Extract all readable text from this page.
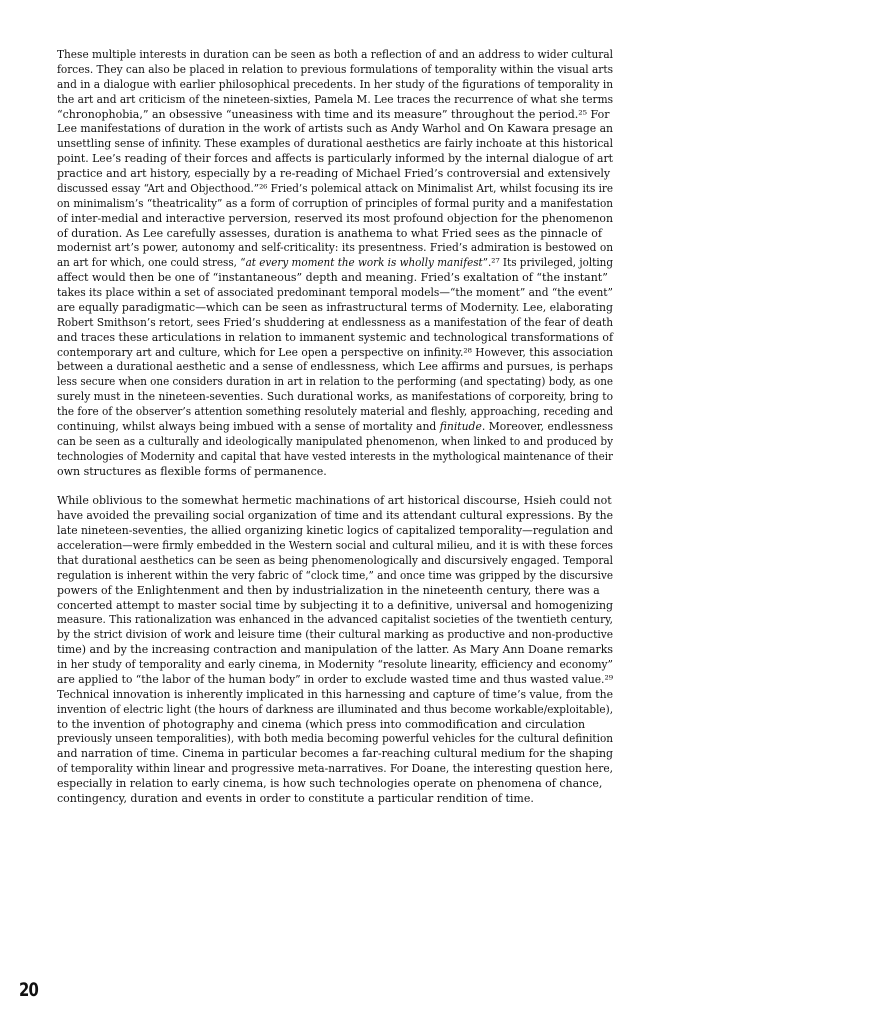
These multiple interests in duration can be seen as both a reflection of and an address to wider cultural
forces. They can also be placed in relation to previous formulations of temporality within the visual arts
and in a dialogue with earlier philosophical precedents. In her study of the figurations of temporality in
the art and art criticism of the nineteen-sixties, Pamela M. Lee traces the recurrence of what she terms
“chronophobia,” an obsessive “uneasiness with time and its measure” throughout the period.²⁵ For
Lee manifestations of duration in the work of artists such as Andy Warhol and On Kawara presage an
unsettling sense of infinity. These examples of durational aesthetics are fairly inchoate at this historical
point. Lee’s reading of their forces and affects is particularly informed by the internal dialogue of art
practice and art history, especially by a re-reading of Michael Fried’s controversial and extensively
discussed essay “Art and Objecthood.”²⁶ Fried’s polemical attack on Minimalist Art, whilst focusing its ire
on minimalism’s “theatricality” as a form of corruption of principles of formal purity and a manifestation
of inter-medial and interactive perversion, reserved its most profound objection for the phenomenon
of duration. As Lee carefully assesses, duration is anathema to what Fried sees as the pinnacle of
modernist art’s power, autonomy and self-criticality: its presentness. Fried’s admiration is bestowed on
an art for which, one could stress, “at every moment the work is wholly manifest”.²⁷ Its privileged, jolting
affect would then be one of “instantaneous” depth and meaning. Fried’s exaltation of “the instant”
takes its place within a set of associated predominant temporal models—“the moment” and “the event”
are equally paradigmatic—which can be seen as infrastructural terms of Modernity. Lee, elaborating
Robert Smithson’s retort, sees Fried’s shuddering at endlessness as a manifestation of the fear of death
and traces these articulations in relation to immanent systemic and technological transformations of
contemporary art and culture, which for Lee open a perspective on infinity.²⁸ However, this association
between a durational aesthetic and a sense of endlessness, which Lee affirms and pursues, is perhaps
less secure when one considers duration in art in relation to the performing (and spectating) body, as one
surely must in the nineteen-seventies. Such durational works, as manifestations of corporeity, bring to
the fore of the observer’s attention something resolutely material and fleshly, approaching, receding and
continuing, whilst always being imbued with a sense of mortality and finitude. Moreover, endlessness
can be seen as a culturally and ideologically manipulated phenomenon, when linked to and produced by
technologies of Modernity and capital that have vested interests in the mythological maintenance of their
own structures as flexible forms of permanence.

While oblivious to the somewhat hermetic machinations of art historical discourse, Hsieh could not
have avoided the prevailing social organization of time and its attendant cultural expressions. By the
late nineteen-seventies, the allied organizing kinetic logics of capitalized temporality—regulation and
acceleration—were firmly embedded in the Western social and cultural milieu, and it is with these forces
that durational aesthetics can be seen as being phenomenologically and discursively engaged. Temporal
regulation is inherent within the very fabric of “clock time,” and once time was gripped by the discursive
powers of the Enlightenment and then by industrialization in the nineteenth century, there was a
concerted attempt to master social time by subjecting it to a definitive, universal and homogenizing
measure. This rationalization was enhanced in the advanced capitalist societies of the twentieth century,
by the strict division of work and leisure time (their cultural marking as productive and non-productive
time) and by the increasing contraction and manipulation of the latter. As Mary Ann Doane remarks
in her study of temporality and early cinema, in Modernity “resolute linearity, efficiency and economy”
are applied to “the labor of the human body” in order to exclude wasted time and thus wasted value.²⁹
Technical innovation is inherently implicated in this harnessing and capture of time’s value, from the
invention of electric light (the hours of darkness are illuminated and thus become workable/exploitable),
to the invention of photography and cinema (which press into commodification and circulation
previously unseen temporalities), with both media becoming powerful vehicles for the cultural definition
and narration of time. Cinema in particular becomes a far-reaching cultural medium for the shaping
of temporality within linear and progressive meta-narratives. For Doane, the interesting question here,
especially in relation to early cinema, is how such technologies operate on phenomena of chance,
contingency, duration and events in order to constitute a particular rendition of time.

20
